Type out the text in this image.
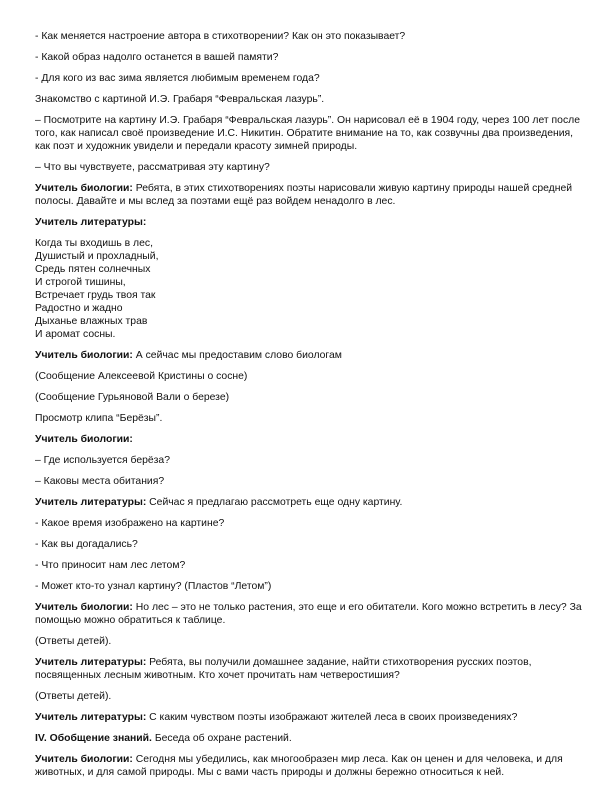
- Как меняется настроение автора в стихотворении? Как он это показывает?

- Какой образ надолго останется в вашей памяти?

- Для кого из вас зима является любимым временем года?

Знакомство с картиной И.Э. Грабаря “Февральская лазурь”.

– Посмотрите на картину И.Э. Грабаря “Февральская лазурь”. Он нарисовал её в 1904 году, через 100 лет после того, как написал своё произведение И.С. Никитин. Обратите внимание на то, как созвучны два произведения, как поэт и художник увидели и передали красоту зимней природы.

– Что вы чувствуете, рассматривая эту картину?

Учитель биологии: Ребята, в этих стихотворениях поэты нарисовали живую картину природы нашей средней полосы. Давайте и мы вслед за поэтами ещё раз войдем ненадолго в лес.

Учитель литературы:

Когда ты входишь в лес,
Душистый и прохладный,
Средь пятен солнечных
И строгой тишины,
Встречает грудь твоя так
Радостно и жадно
Дыханье влажных трав
И аромат сосны.

Учитель биологии: А сейчас мы предоставим слово биологам

(Сообщение Алексеевой Кристины о сосне)

(Сообщение Гурьяновой Вали о березе)

Просмотр клипа “Берёзы”.

Учитель биологии:

– Где используется берёза?

– Каковы места обитания?

Учитель литературы: Сейчас я предлагаю рассмотреть еще одну картину.

- Какое время изображено на картине?

- Как вы догадались?

- Что приносит нам лес летом?

- Может кто-то узнал картину? (Пластов “Летом”)

Учитель биологии: Но лес – это не только растения, это еще и его обитатели. Кого можно встретить в лесу? За помощью можно обратиться к таблице.

(Ответы детей).

Учитель литературы: Ребята, вы получили домашнее задание, найти стихотворения русских поэтов, посвященных лесным животным. Кто хочет прочитать нам четверостишия?

(Ответы детей).

Учитель литературы: С каким чувством поэты изображают жителей леса в своих произведениях?

IV. Обобщение знаний. Беседа об охране растений.

Учитель биологии: Сегодня мы убедились, как многообразен мир леса. Как он ценен и для человека, и для животных, и для самой природы. Мы с вами часть природы и должны бережно относиться к ней.
